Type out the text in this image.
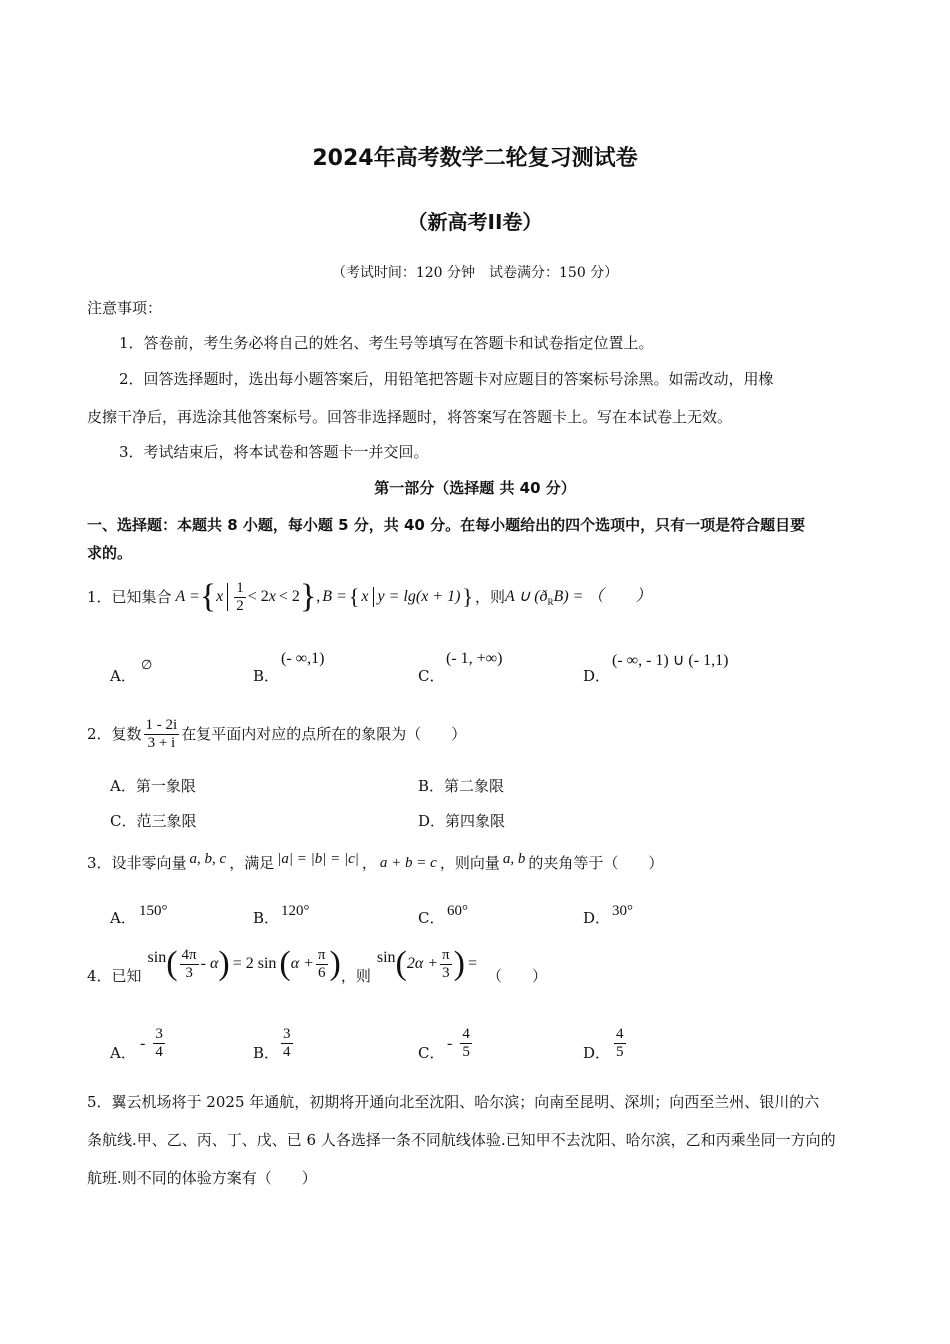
2024年高考数学二轮复习测试卷
（新高考II卷）
（考试时间：120 分钟　试卷满分：150 分）
注意事项：
1．答卷前，考生务必将自己的姓名、考生号等填写在答题卡和试卷指定位置上。
2．回答选择题时，选出每小题答案后，用铅笔把答题卡对应题目的答案标号涂黑。如需改动，用橡
皮擦干净后，再选涂其他答案标号。回答非选择题时，将答案写在答题卡上。写在本试卷上无效。
3．考试结束后，将本试卷和答题卡一并交回。
第一部分（选择题 共 40 分）
一、选择题：本题共 8 小题，每小题 5 分，共 40 分。在每小题给出的四个选项中，只有一项是符合题目要
求的。
1．已知集合 A = { x $\frac{1}{2} < 2$ x < 2 } , B = { x y = lg(x + 1) } ，则 A ∪ (ð R B) = （　　）
A．
∅
B．
(- ∞,1)
C．
(- 1, +∞)
D．
(- ∞, - 1) ∪ (- 1,1)
2．复数 $\frac{1 - 2i}{3 + i}$ 在复平面内对应的点所在的象限为（　　）
A．第一象限	B．第二象限
C．范三象限	D．第四象限
3．设非零向量 a, b, c ，满足 |a| = |b| = |c| ， a + b = c ，则向量 a, b 的夹角等于（　　）
A． 150°	B． 120°	C． 60°	D． 30°
4．已知
sin ( $\frac{4\pi}{3}$ - α ) = 2 sin ( $\alpha + \frac{\pi}{6}$ ) ，则
sin ( $2\alpha + \frac{\pi}{3}$ ) =
（　　）
A．
- $\frac{3}{4}$	B． $\frac{3}{4}$	C．
- $\frac{4}{5}$	D． $\frac{4}{5}$
5．翼云机场将于 2025 年通航，初期将开通向北至沈阳、哈尔滨；向南至昆明、深圳；向西至兰州、银川的六
条航线.甲、乙、丙、丁、戊、已 6 人各选择一条不同航线体验.已知甲不去沈阳、哈尔滨，乙和丙乘坐同一方向的
航班.则不同的体验方案有（　　）
